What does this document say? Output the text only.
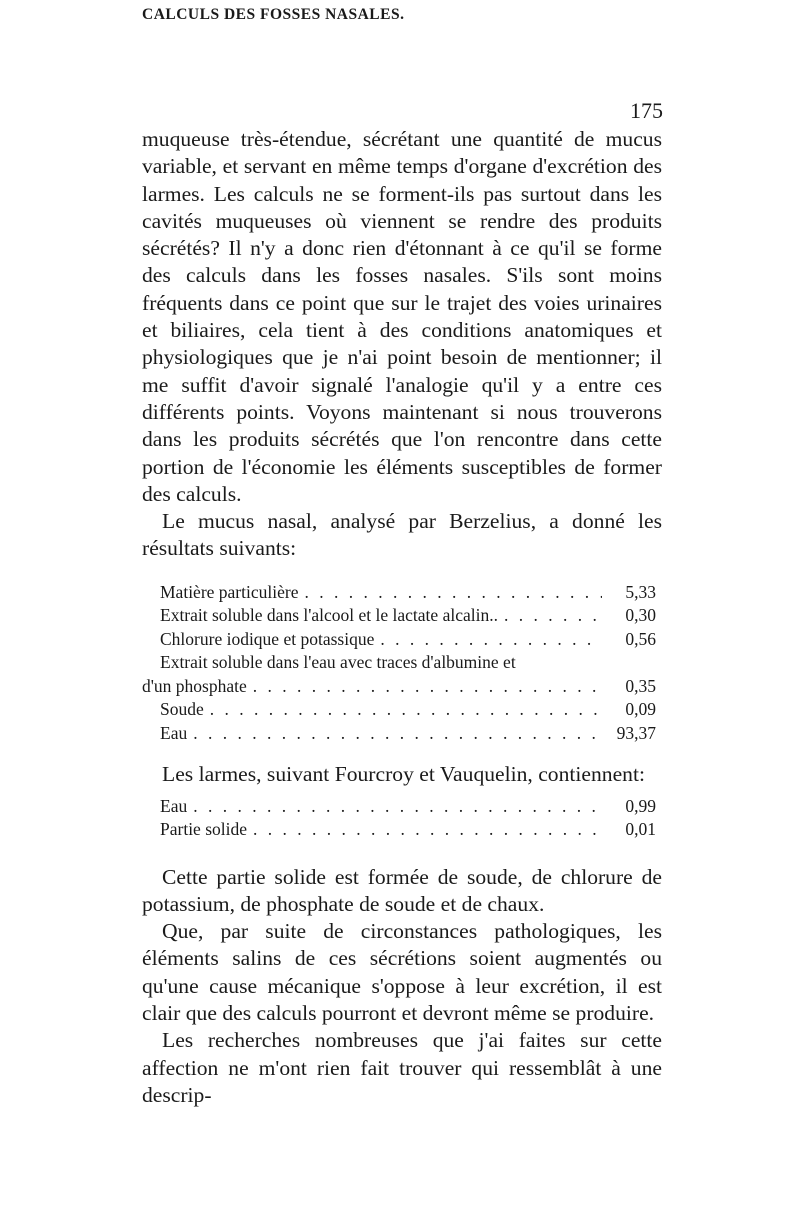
CALCULS DES FOSSES NASALES.
175

muqueuse très-étendue, sécrétant une quantité de mucus variable, et servant en même temps d'organe d'excrétion des larmes. Les calculs ne se forment-ils pas surtout dans les cavités muqueuses où viennent se rendre des produits sécrétés? Il n'y a donc rien d'étonnant à ce qu'il se forme des calculs dans les fosses nasales. S'ils sont moins fréquents dans ce point que sur le trajet des voies urinaires et biliaires, cela tient à des conditions anatomiques et physiologiques que je n'ai point besoin de mentionner; il me suffit d'avoir signalé l'analogie qu'il y a entre ces différents points. Voyons maintenant si nous trouverons dans les produits sécrétés que l'on rencontre dans cette portion de l'économie les éléments susceptibles de former des calculs.

Le mucus nasal, analysé par Berzelius, a donné les résultats suivants:

Matière particulière . . .	5,33
Extrait soluble dans l'alcool et le lactate alcalin.. . . .	0,30
Chlorure iodique et potassique . . .	0,56
Extrait soluble dans l'eau avec traces d'albumine et
d'un phosphate . . .	0,35
Soude . . .	0,09
Eau . . .	93,37

Les larmes, suivant Fourcroy et Vauquelin, contiennent:

Eau . . .	0,99
Partie solide . . .	0,01

Cette partie solide est formée de soude, de chlorure de potassium, de phosphate de soude et de chaux.

Que, par suite de circonstances pathologiques, les éléments salins de ces sécrétions soient augmentés ou qu'une cause mécanique s'oppose à leur excrétion, il est clair que des calculs pourront et devront même se produire.

Les recherches nombreuses que j'ai faites sur cette affection ne m'ont rien fait trouver qui ressemblât à une descrip-
